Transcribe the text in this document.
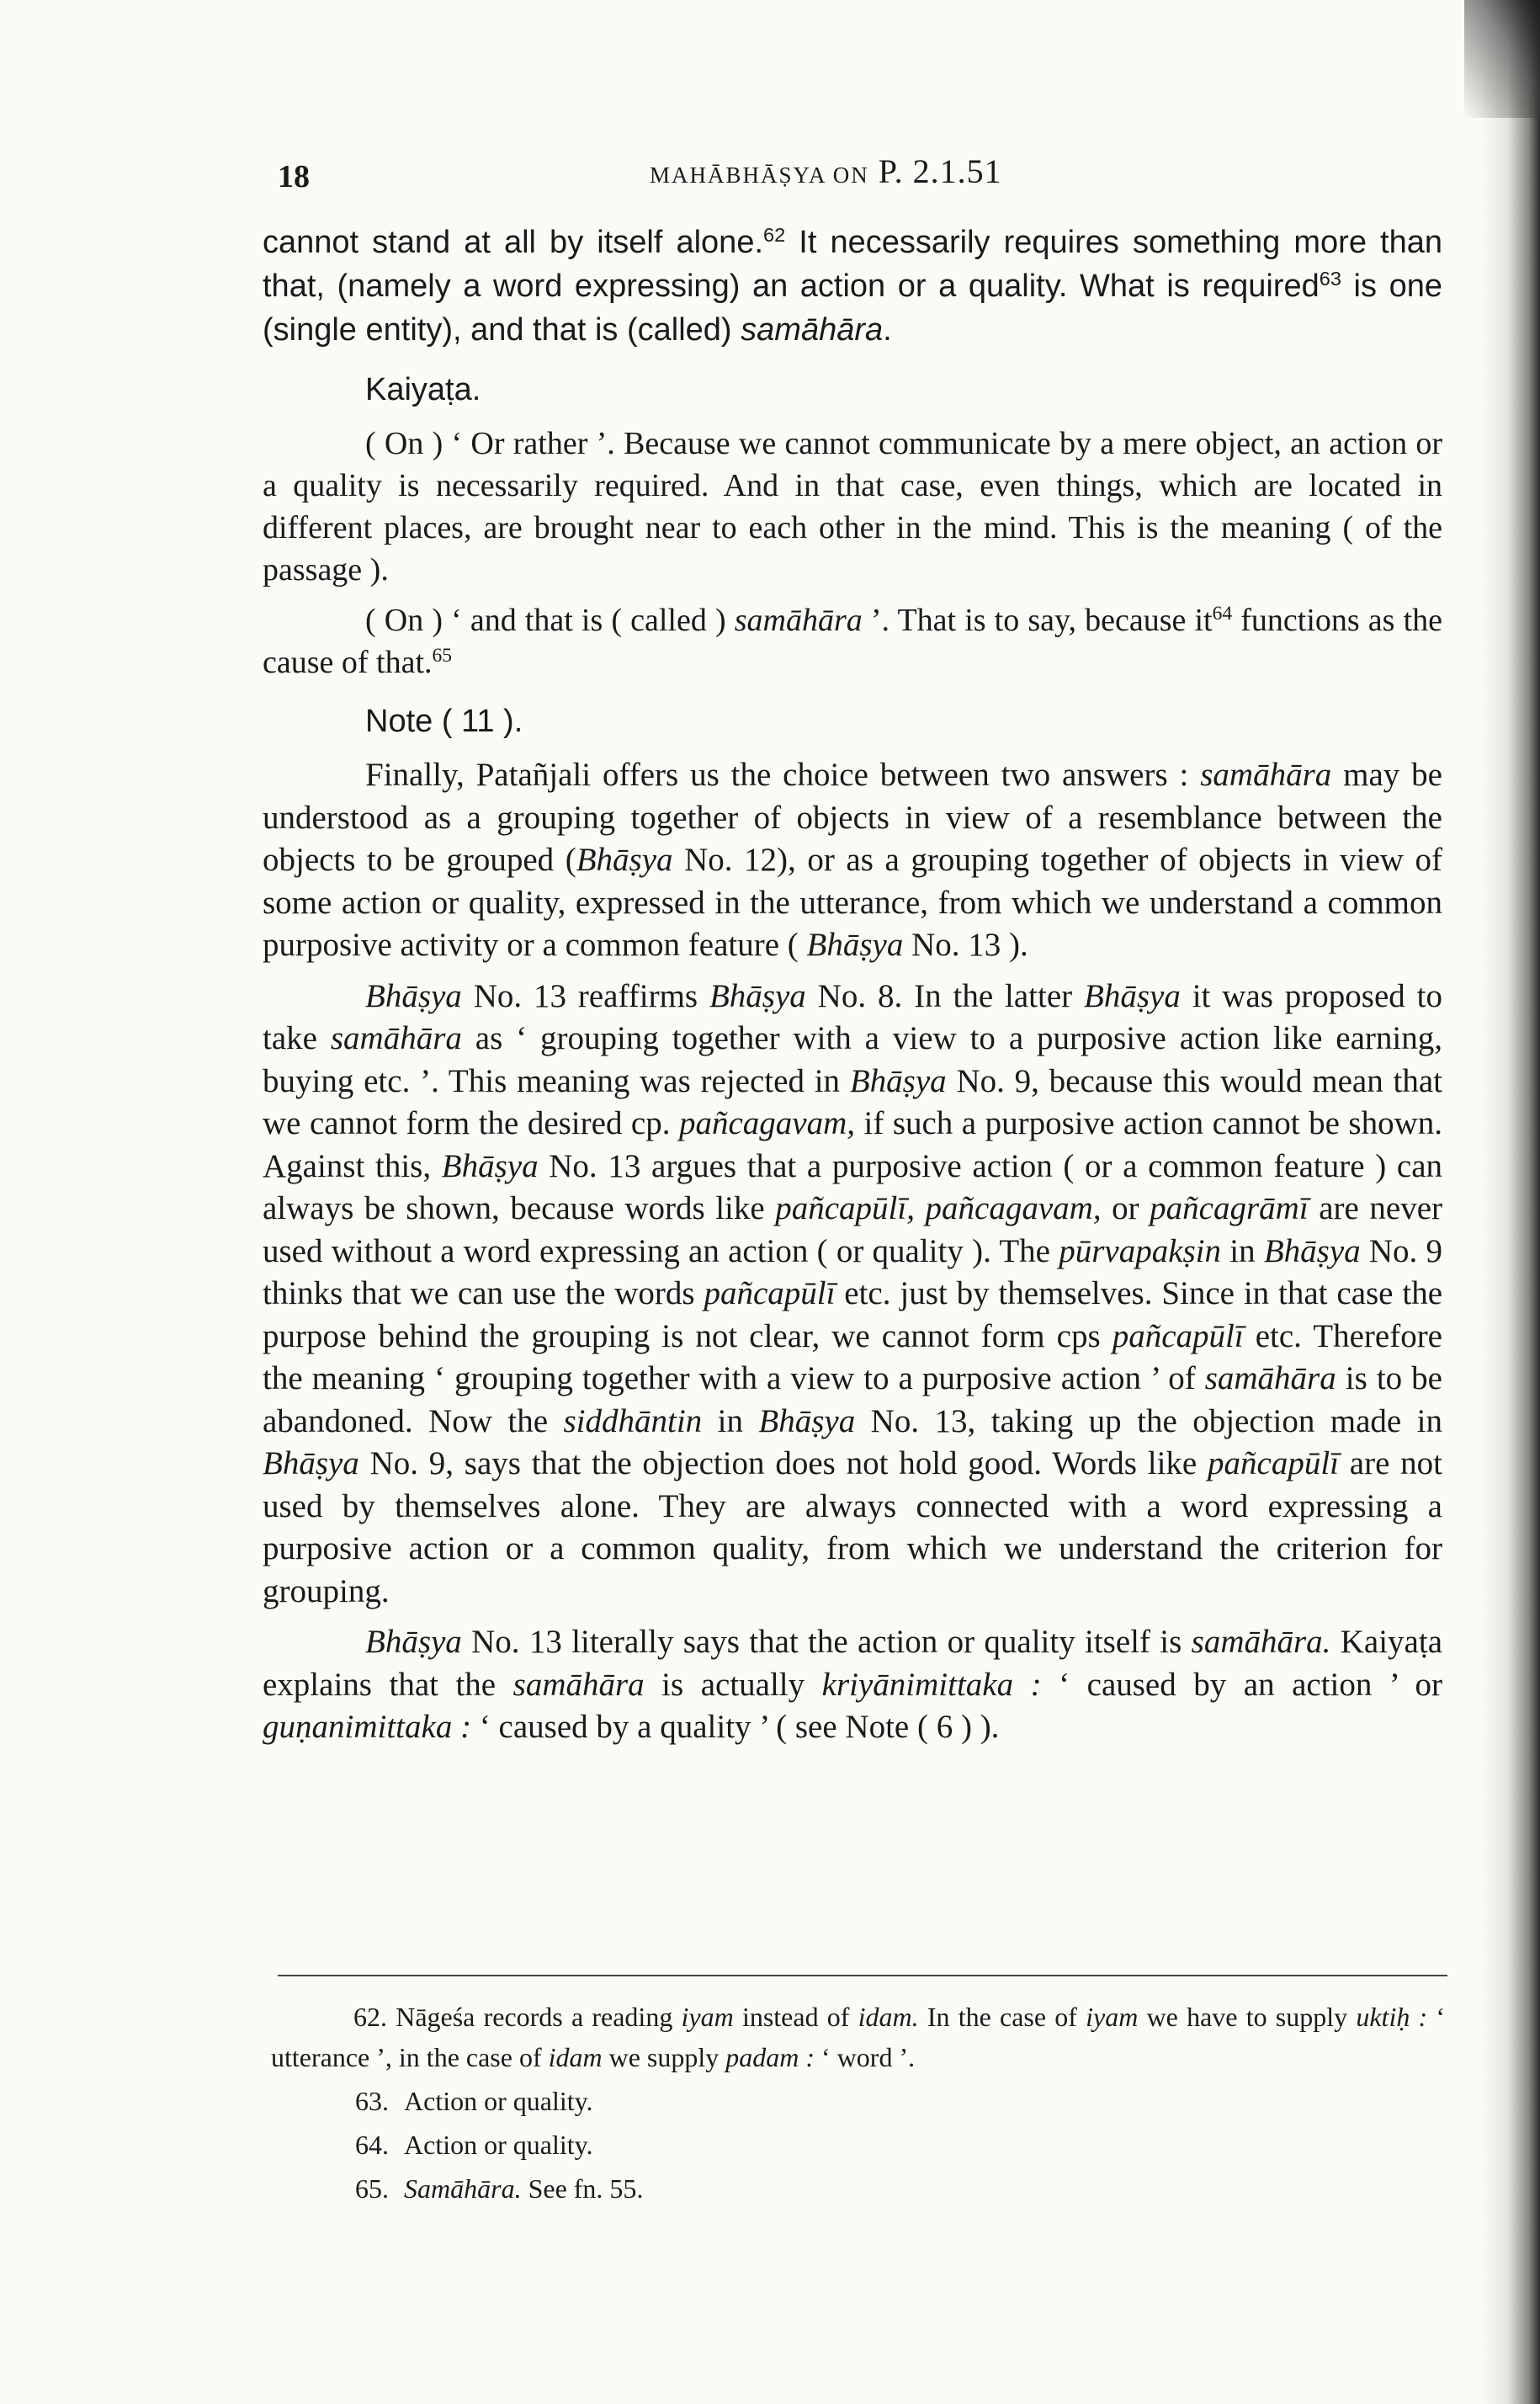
18	MAHĀBHĀṢYA ON P. 2.1.51

cannot stand at all by itself alone.$^{62}$ It necessarily requires something more than that, (namely a word expressing) an action or a quality. What is required$^{63}$ is one (single entity), and that is (called) samāhāra.

Kaiyaṭa.

( On ) ‘ Or rather ’. Because we cannot communicate by a mere object, an action or a quality is necessarily required. And in that case, even things, which are located in different places, are brought near to each other in the mind. This is the meaning ( of the passage ).

( On ) ‘ and that is ( called ) samāhāra ’. That is to say, because $it^{64}$ functions as the cause of that.$^{65}$

Note ( 11 ).

Finally, Patañjali offers us the choice between two answers : samāhāra may be understood as a grouping together of objects in view of a resemblance between the objects to be grouped (Bhāṣya No. 12), or as a grouping together of objects in view of some action or quality, expressed in the utterance, from which we understand a common purposive activity or a common feature ( Bhāṣya No. 13 ).

Bhāṣya No. 13 reaffirms Bhāṣya No. 8. In the latter Bhāṣya it was proposed to take samāhāra as ‘ grouping together with a view to a purposive action like earning, buying etc. ’. This meaning was rejected in Bhāṣya No. 9, because this would mean that we cannot form the desired cp. pañcagavam, if such a purposive action cannot be shown. Against this, Bhāṣya No. 13 argues that a purposive action ( or a common feature ) can always be shown, because words like pañcapūlī, pañcagavam, or pañcagrāmī are never used without a word expressing an action ( or quality ). The pūrvapakṣin in Bhāṣya No. 9 thinks that we can use the words pañcapūlī etc. just by themselves. Since in that case the purpose behind the grouping is not clear, we cannot form cps pañcapūlī etc. Therefore the meaning ‘ grouping together with a view to a purposive action ’ of samāhāra is to be abandoned. Now the siddhāntin in Bhāṣya No. 13, taking up the objection made in Bhāṣya No. 9, says that the objection does not hold good. Words like pañcapūlī are not used by themselves alone. They are always connected with a word expressing a purposive action or a common quality, from which we understand the criterion for grouping.

Bhāṣya No. 13 literally says that the action or quality itself is samāhāra. Kaiyaṭa explains that the samāhāra is actually kriyānimittaka : ‘ caused by an action ’ or guṇanimittaka : ‘ caused by a quality ’ ( see Note ( 6 ) ).

62. Nāgeśa records a reading iyam instead of idam. In the case of iyam we have to supply uktiḥ : ‘ utterance ’, in the case of idam we supply padam : ‘ word ’.

63. Action or quality.

64. Action or quality.

65. Samāhāra. See fn. 55.
